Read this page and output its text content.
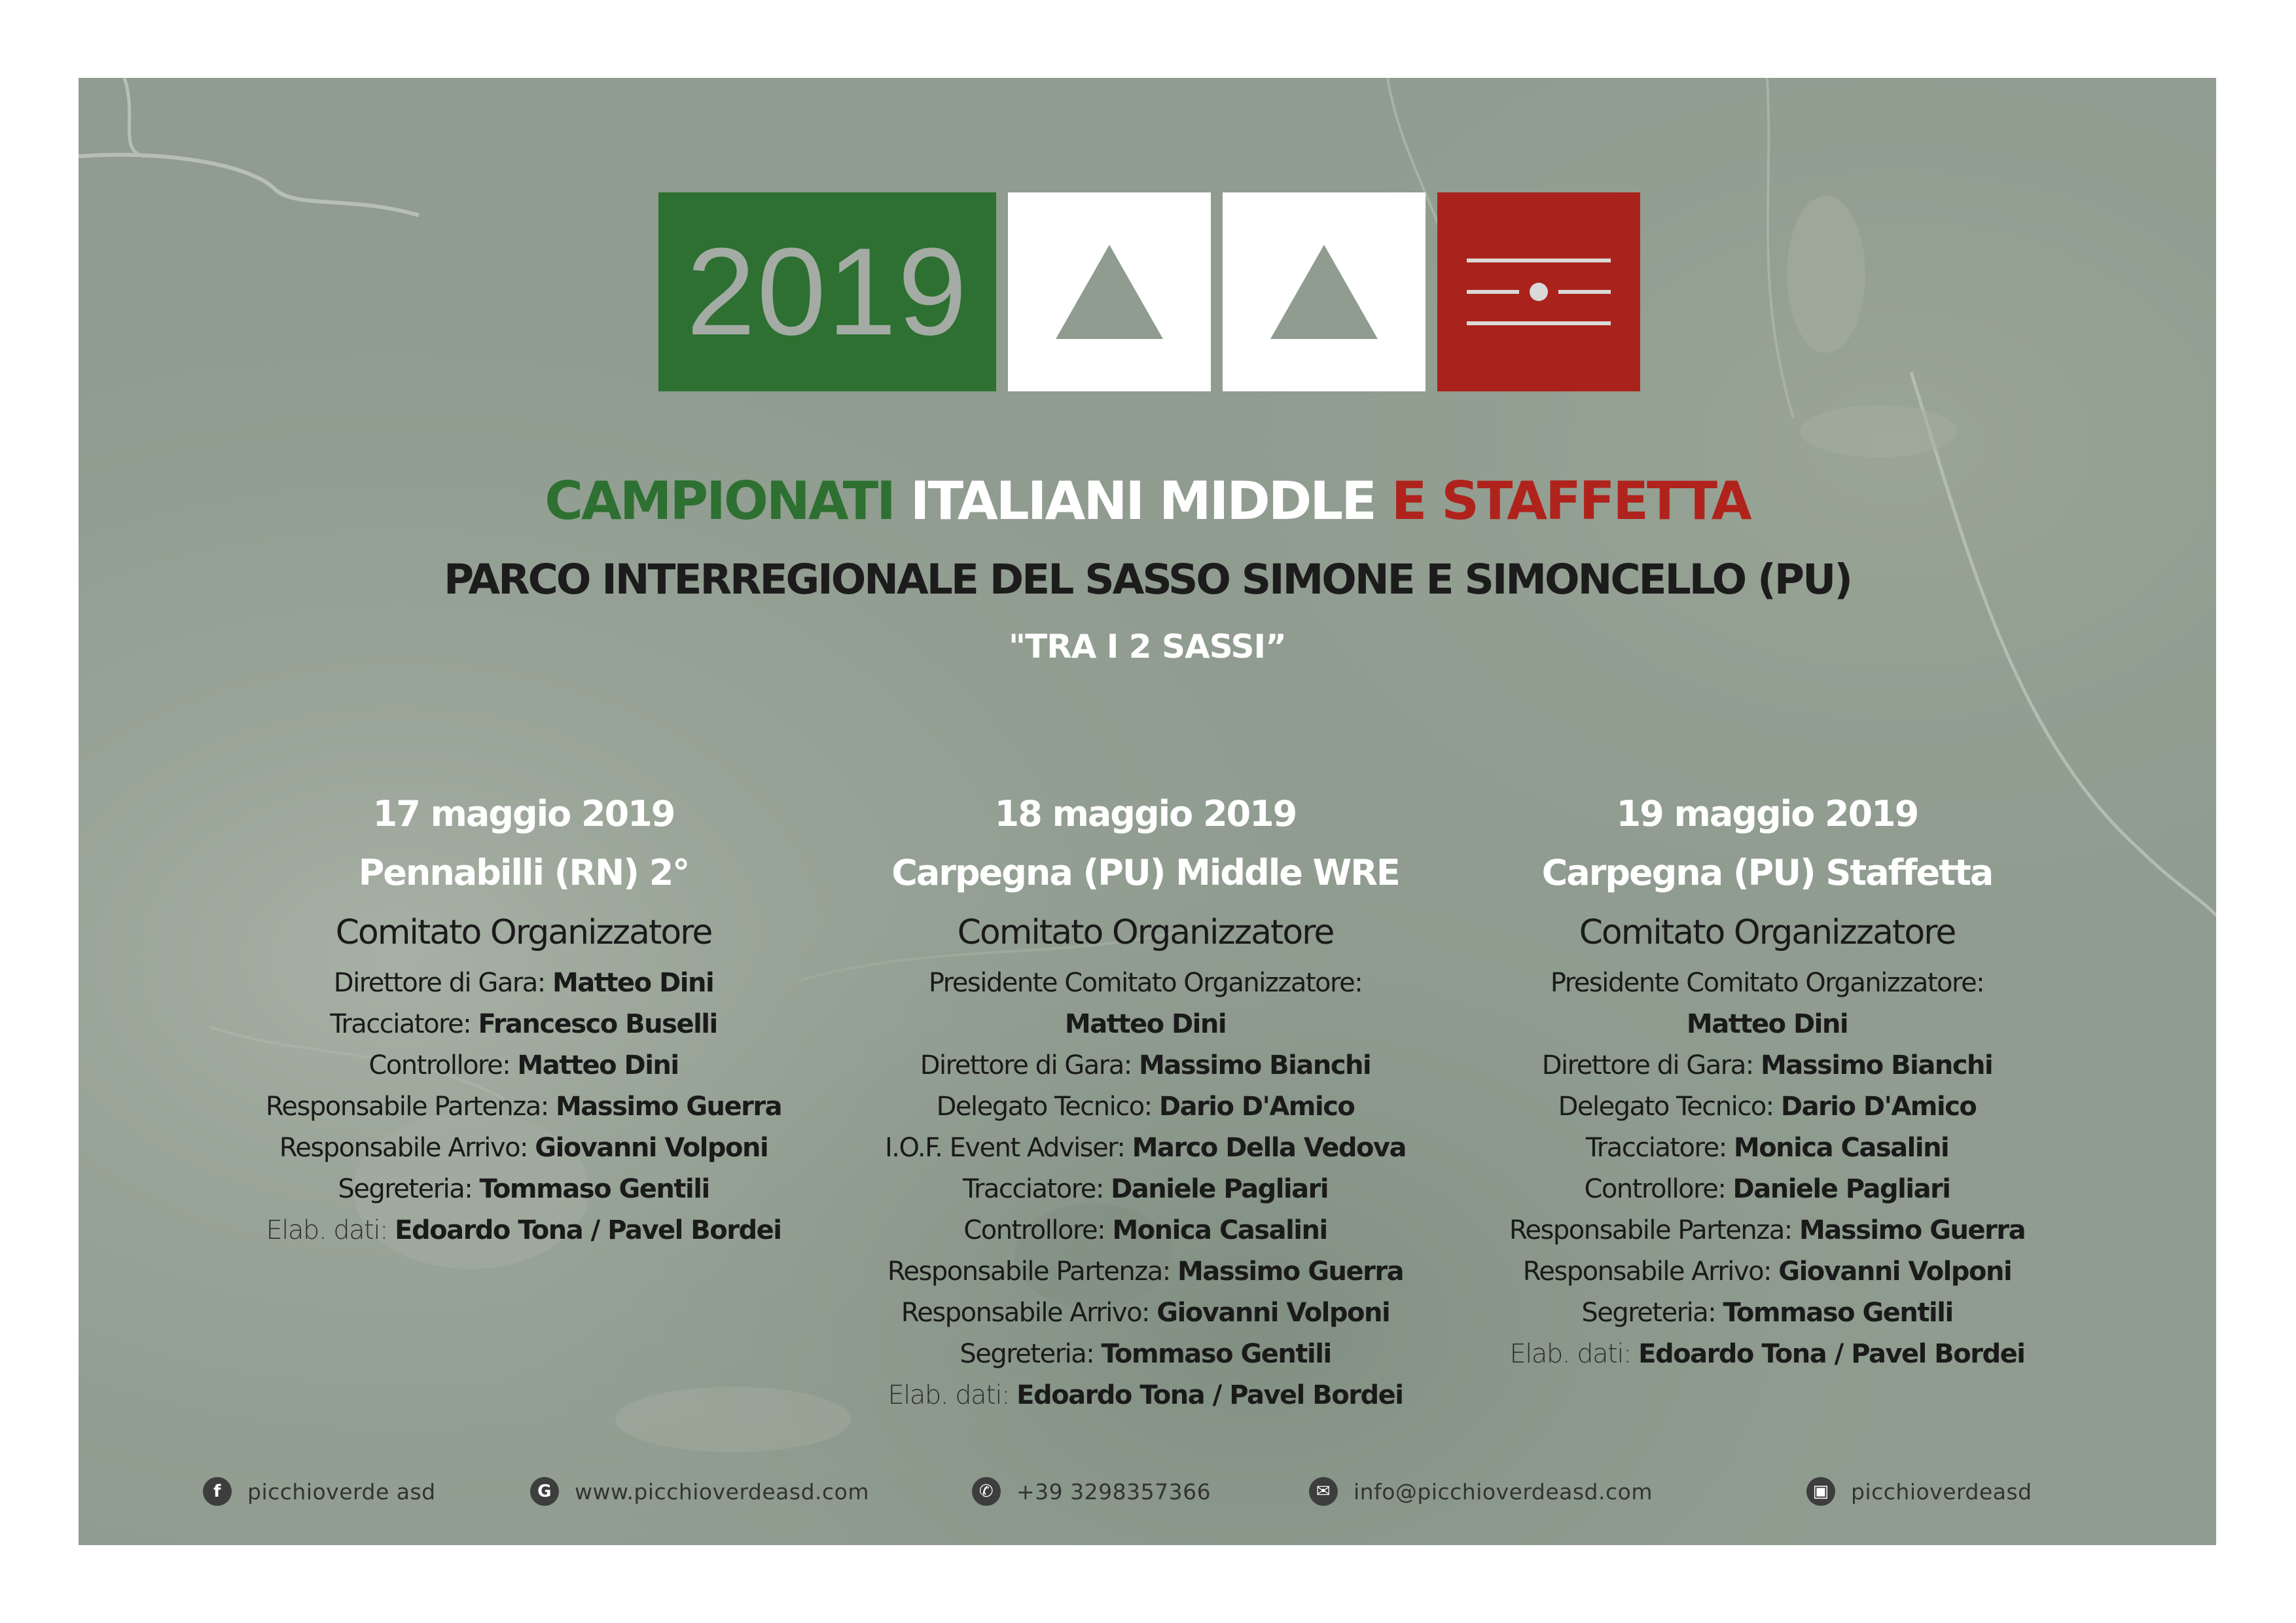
2019
CAMPIONATI ITALIANI MIDDLE E STAFFETTA
PARCO INTERREGIONALE DEL SASSO SIMONE E SIMONCELLO (PU)
"TRA I 2 SASSI”
17 maggio 2019
Pennabilli (RN) 2°
Comitato Organizzatore
Direttore di Gara: Matteo Dini
Tracciatore: Francesco Buselli
Controllore: Matteo Dini
Responsabile Partenza: Massimo Guerra
Responsabile Arrivo: Giovanni Volponi
Segreteria: Tommaso Gentili
Elab. dati: Edoardo Tona / Pavel Bordei
18 maggio 2019
Carpegna (PU) Middle WRE
Comitato Organizzatore
Presidente Comitato Organizzatore:
Matteo Dini
Direttore di Gara: Massimo Bianchi
Delegato Tecnico: Dario D'Amico
I.O.F. Event Adviser: Marco Della Vedova
Tracciatore: Daniele Pagliari
Controllore: Monica Casalini
Responsabile Partenza: Massimo Guerra
Responsabile Arrivo: Giovanni Volponi
Segreteria: Tommaso Gentili
Elab. dati: Edoardo Tona / Pavel Bordei
19 maggio 2019
Carpegna (PU) Staffetta
Comitato Organizzatore
Presidente Comitato Organizzatore:
Matteo Dini
Direttore di Gara: Massimo Bianchi
Delegato Tecnico: Dario D'Amico
Tracciatore: Monica Casalini
Controllore: Daniele Pagliari
Responsabile Partenza: Massimo Guerra
Responsabile Arrivo: Giovanni Volponi
Segreteria: Tommaso Gentili
Elab. dati: Edoardo Tona / Pavel Bordei
f	picchioverde asd	G	www.picchioverdeasd.com	✆	+39 3298357366	✉	info@picchioverdeasd.com	▣ picchioverdeasd
